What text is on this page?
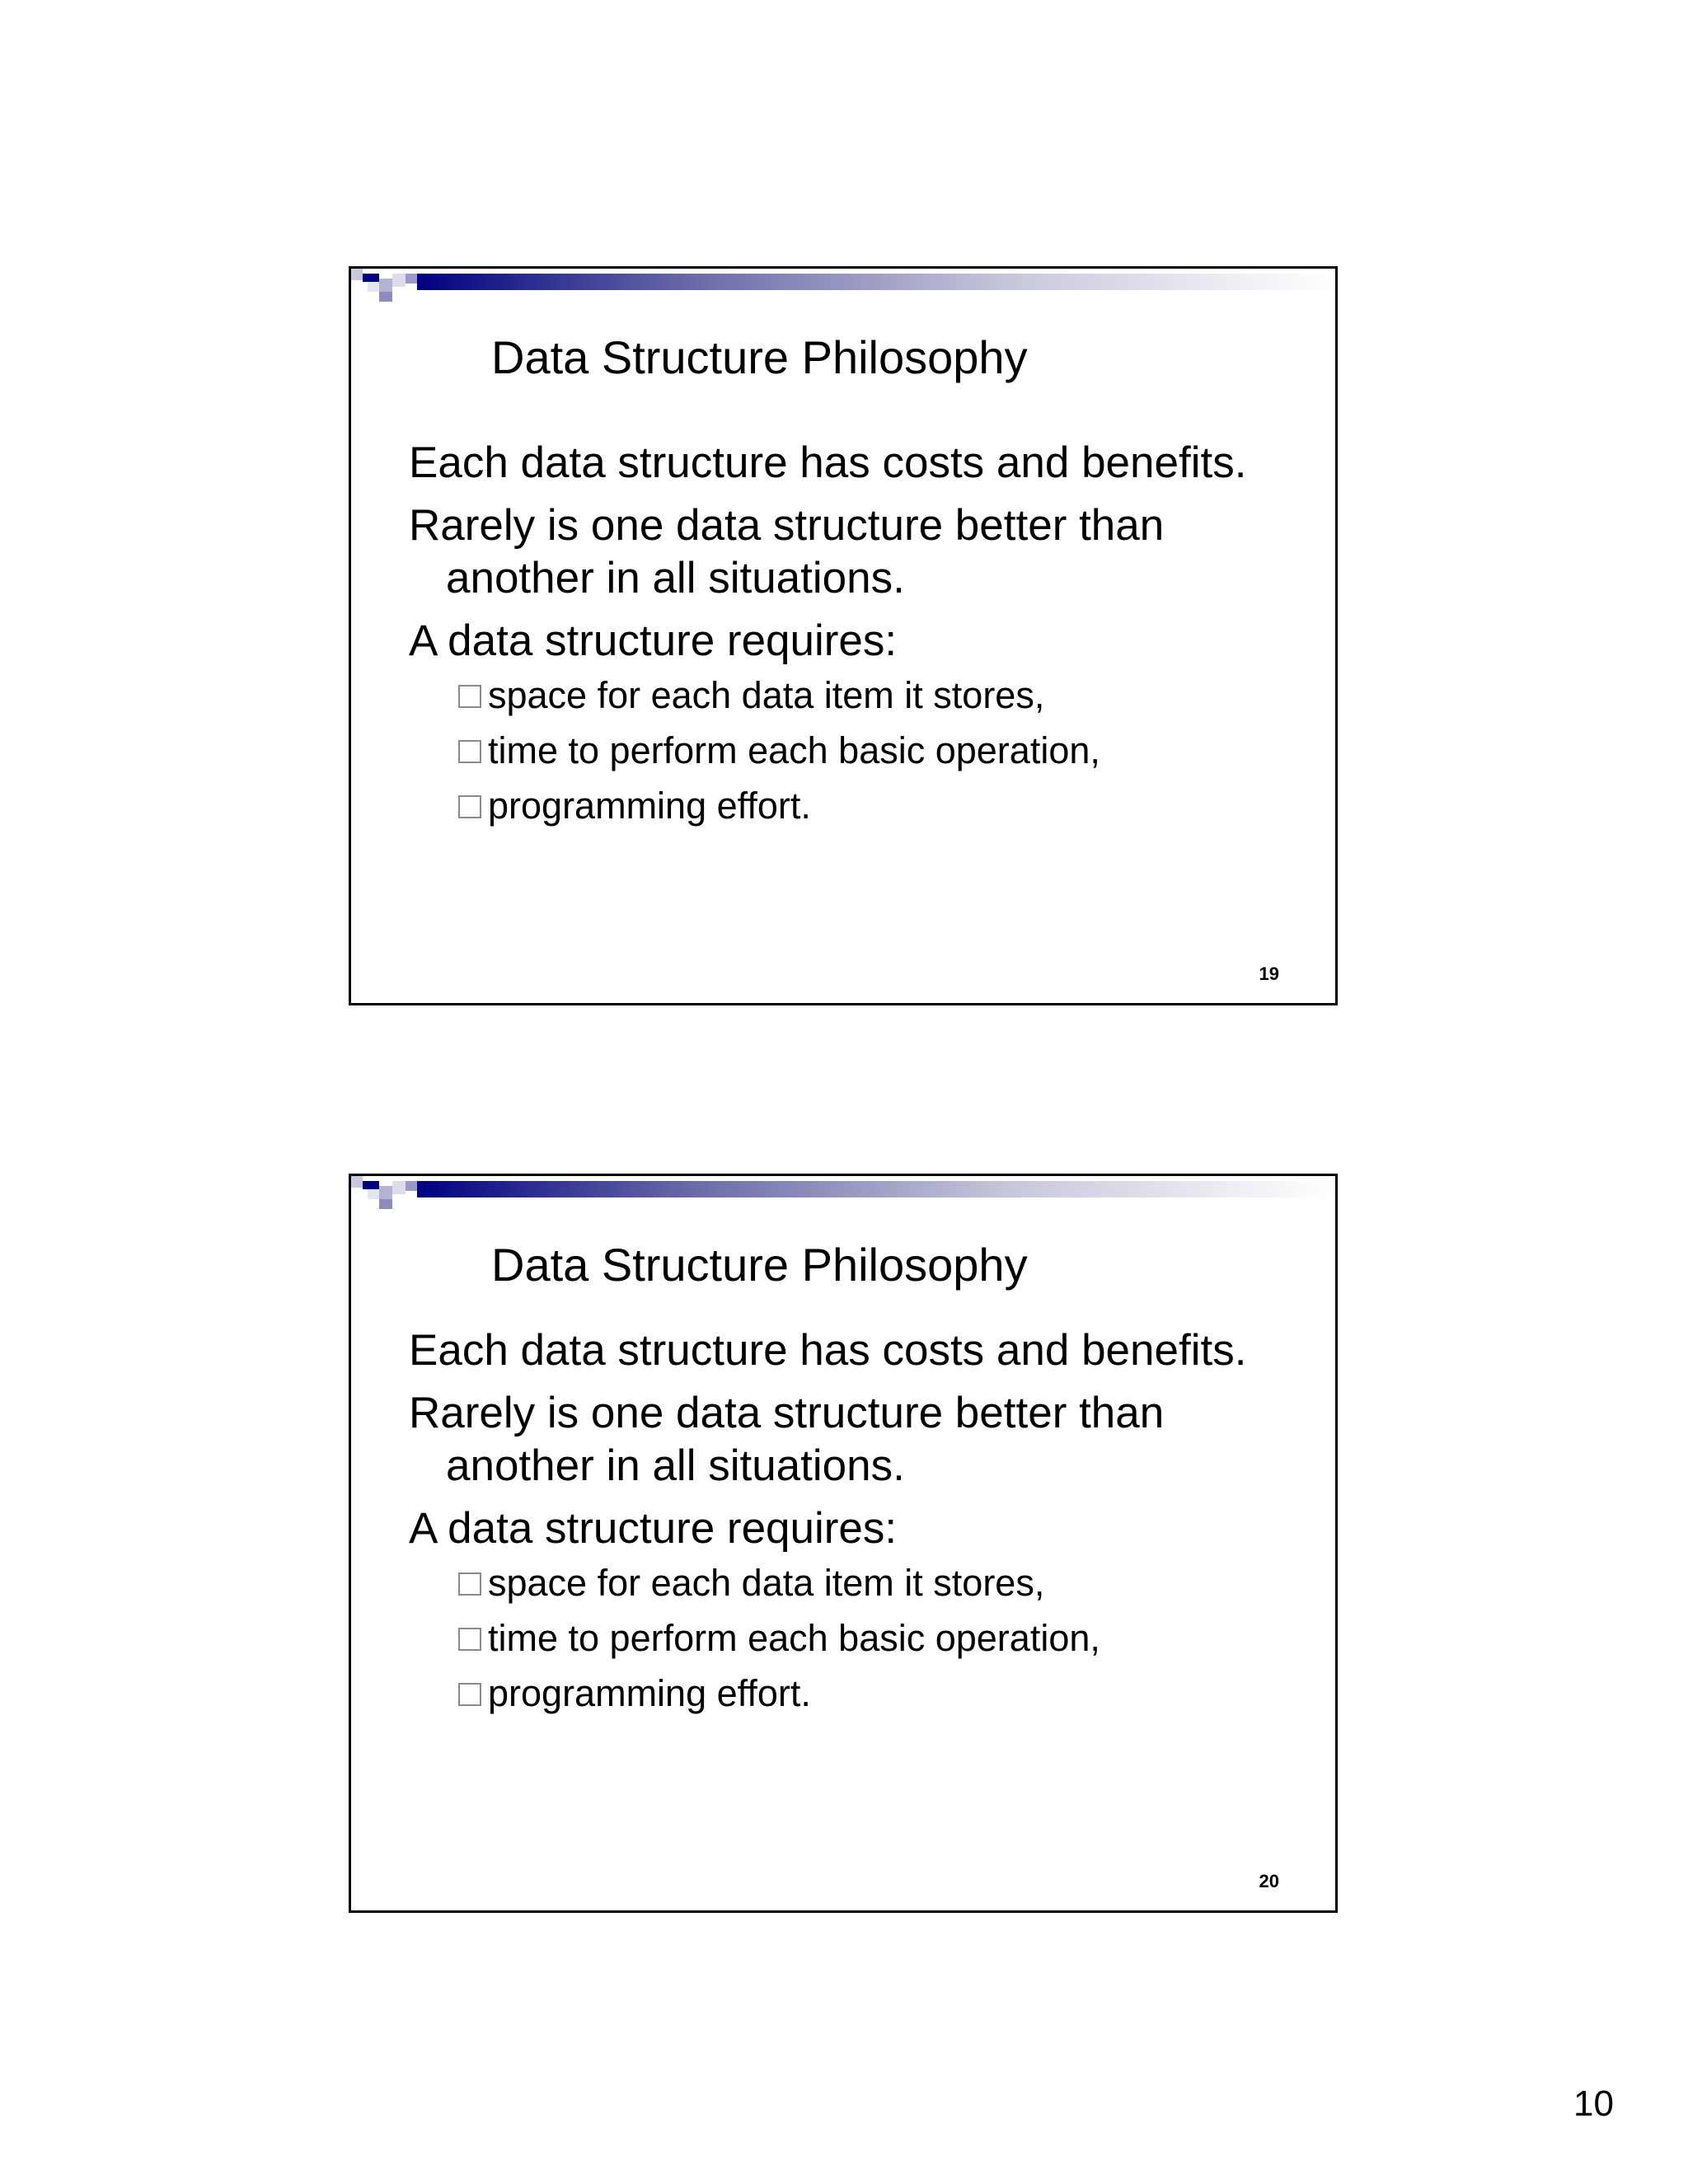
Data Structure Philosophy
Each data structure has costs and benefits.
Rarely is one data structure better than another in all situations.
A data structure requires:
space for each data item it stores,
time to perform each basic operation,
programming effort.
19
Data Structure Philosophy
Each data structure has costs and benefits.
Rarely is one data structure better than another in all situations.
A data structure requires:
space for each data item it stores,
time to perform each basic operation,
programming effort.
20
10
